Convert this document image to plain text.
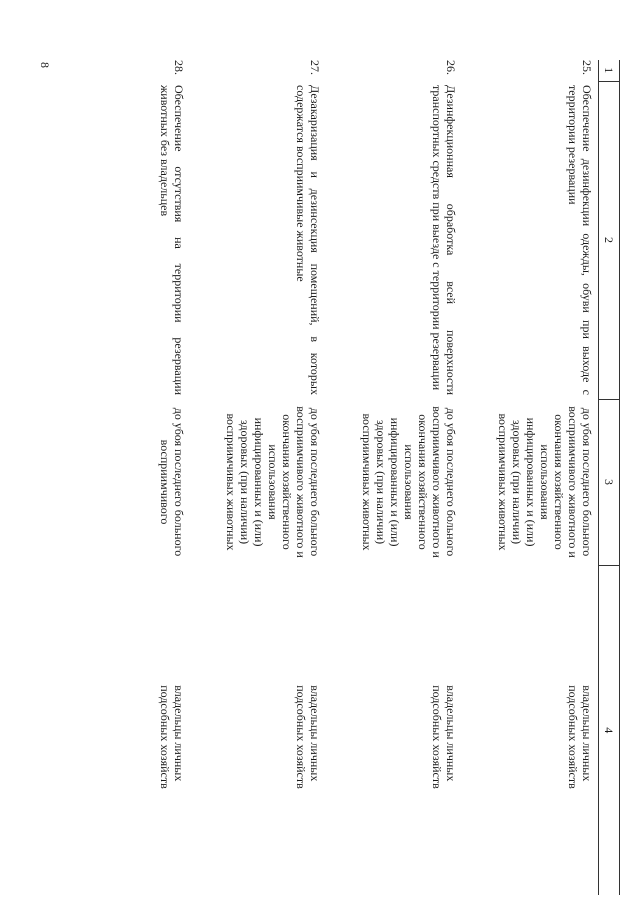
8
1	2	3	4
25.	Обеспечение дезинфекции одежды, обуви при выходе с территории резервации	до убоя последнего больного восприимчивого животного и окончания хозяйственного использования инфицированных и (или) здоровых (при наличии) восприимчивых животных	владельцы личных
подсобных хозяйств

26.	Дезинфекционная обработка всей поверхности транспортных средств при выезде с территории резервации	до убоя последнего больного восприимчивого животного и окончания хозяйственного использования инфицированных и (или) здоровых (при наличии) восприимчивых животных	владельцы личных
подсобных хозяйств

27.	Дезакаризация и дезинсекция помещений, в которых содержатся восприимчивые животные	до убоя последнего больного восприимчивого животного и окончания хозяйственного использования инфицированных и (или) здоровых (при наличии) восприимчивых животных	владельцы личных
подсобных хозяйств

28.	Обеспечение отсутствия на территории резервации животных без владельцев	до убоя последнего больного восприимчивого	владельцы личных
подсобных хозяйств
